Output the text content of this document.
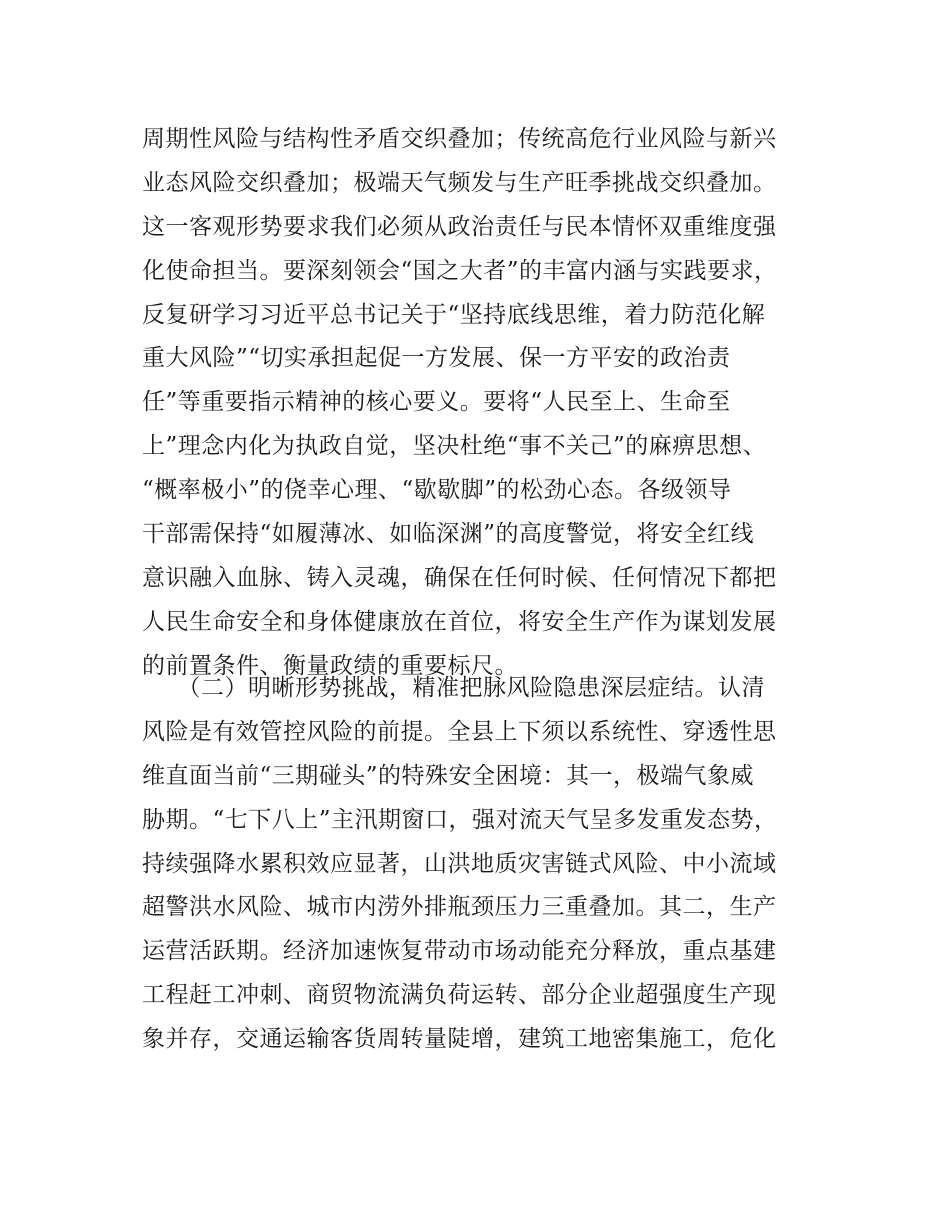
周期性风险与结构性矛盾交织叠加；传统高危行业风险与新兴
业态风险交织叠加；极端天气频发与生产旺季挑战交织叠加。
这一客观形势要求我们必须从政治责任与民本情怀双重维度强
化使命担当。要深刻领会“国之大者”的丰富内涵与实践要求，
反复研学习习近平总书记关于“坚持底线思维，着力防范化解
重大风险”“切实承担起促一方发展、保一方平安的政治责
任”等重要指示精神的核心要义。要将“人民至上、生命至
上”理念内化为执政自觉，坚决杜绝“事不关己”的麻痹思想、
“概率极小”的侥幸心理、“歇歇脚”的松劲心态。各级领导
干部需保持“如履薄冰、如临深渊”的高度警觉，将安全红线
意识融入血脉、铸入灵魂，确保在任何时候、任何情况下都把
人民生命安全和身体健康放在首位，将安全生产作为谋划发展
的前置条件、衡量政绩的重要标尺。
　　（二）明晰形势挑战，精准把脉风险隐患深层症结。认清
风险是有效管控风险的前提。全县上下须以系统性、穿透性思
维直面当前“三期碰头”的特殊安全困境：其一，极端气象威
胁期。“七下八上”主汛期窗口，强对流天气呈多发重发态势，
持续强降水累积效应显著，山洪地质灾害链式风险、中小流域
超警洪水风险、城市内涝外排瓶颈压力三重叠加。其二，生产
运营活跃期。经济加速恢复带动市场动能充分释放，重点基建
工程赶工冲刺、商贸物流满负荷运转、部分企业超强度生产现
象并存，交通运输客货周转量陡增，建筑工地密集施工，危化
